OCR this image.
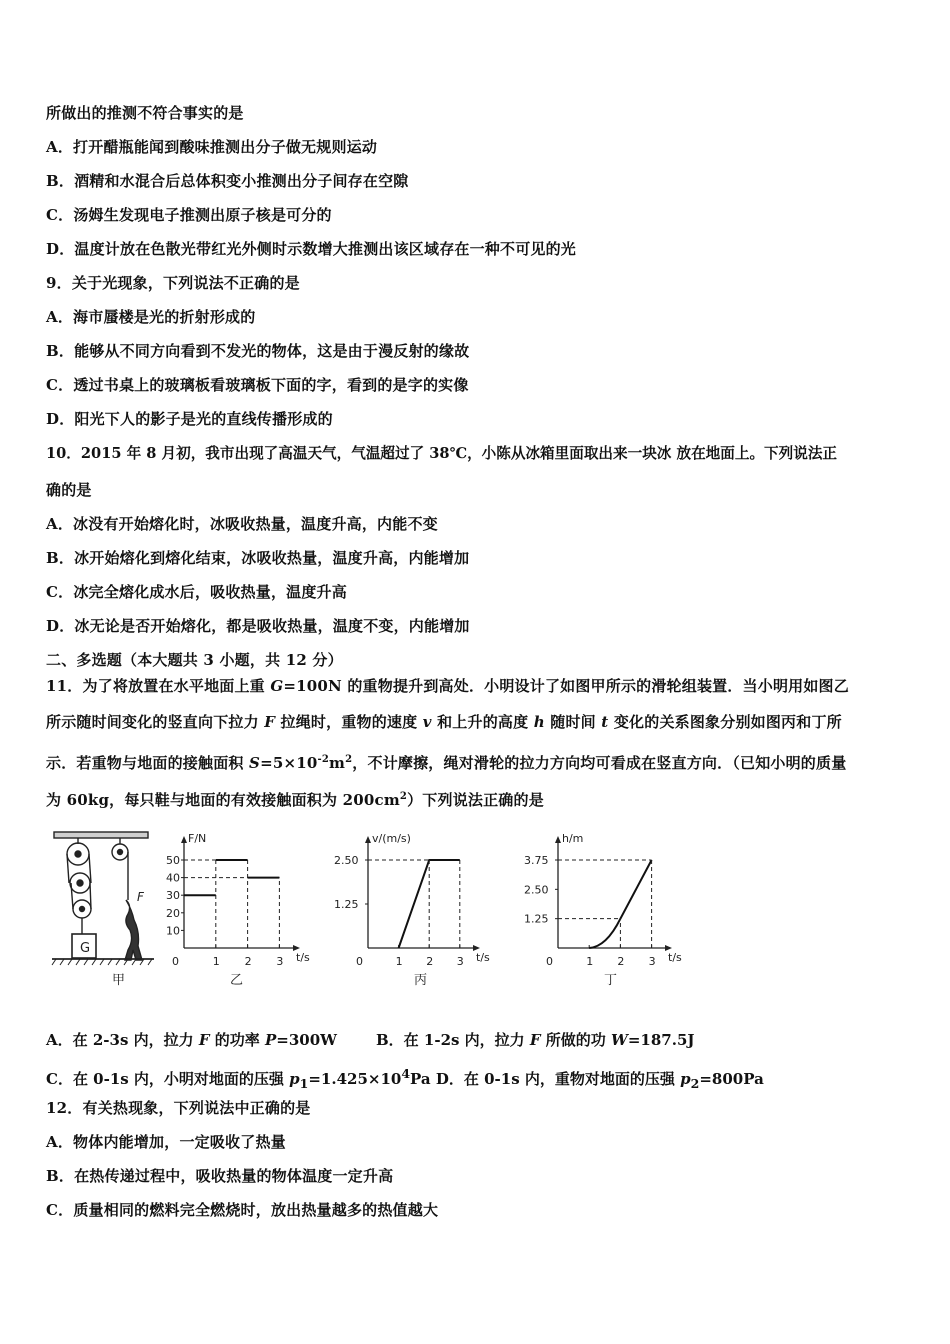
所做出的推测不符合事实的是
A．打开醋瓶能闻到酸味推测出分子做无规则运动
B．酒精和水混合后总体积变小推测出分子间存在空隙
C．汤姆生发现电子推测出原子核是可分的
D．温度计放在色散光带红光外侧时示数增大推测出该区域存在一种不可见的光
9．关于光现象，下列说法不正确的是
A．海市蜃楼是光的折射形成的
B．能够从不同方向看到不发光的物体，这是由于漫反射的缘故
C．透过书桌上的玻璃板看玻璃板下面的字，看到的是字的实像
D．阳光下人的影子是光的直线传播形成的
10．2015 年 8 月初，我市出现了高温天气，气温超过了 38℃，小陈从冰箱里面取出来一块冰 放在地面上。下列说法正
确的是
A．冰没有开始熔化时，冰吸收热量，温度升高，内能不变
B．冰开始熔化到熔化结束，冰吸收热量，温度升高，内能增加
C．冰完全熔化成水后，吸收热量，温度升高
D．冰无论是否开始熔化，都是吸收热量，温度不变，内能增加
二、多选题（本大题共 3 小题，共 12 分）
11．为了将放置在水平地面上重 G=100N 的重物提升到高处．小明设计了如图甲所示的滑轮组装置．当小明用如图乙
所示随时间变化的竖直向下拉力 F 拉绳时，重物的速度 v 和上升的高度 h 随时间 t 变化的关系图象分别如图丙和丁所
示．若重物与地面的接触面积 $S=5\times 10^{-2}m^2$，不计摩擦，绳对滑轮的拉力方向均可看成在竖直方向．（已知小明的质量
为 60kg，每只鞋与地面的有效接触面积为 $200cm^2$）下列说法正确的是
G
F
甲
F/N
t/s
0	1 2 3
10
20
30
40
50
乙
v/(m/s)
t/s
0	1 2 3
1.25
2.50
丙
h/m
t/s
0	1 2 3
1.25
2.50
3.75
丁
A．在 2-3s 内，拉力 F 的功率 P=300W	B．在 1-2s 内，拉力 F 所做的功 W=187.5J
C．在 0-1s 内，小明对地面的压强 $p_1=1.425\times 10^4Pa$ D．在 0-1s 内，重物对地面的压强 $p_2=800Pa$
12．有关热现象，下列说法中正确的是
A．物体内能增加，一定吸收了热量
B．在热传递过程中，吸收热量的物体温度一定升高
C．质量相同的燃料完全燃烧时，放出热量越多的热值越大
